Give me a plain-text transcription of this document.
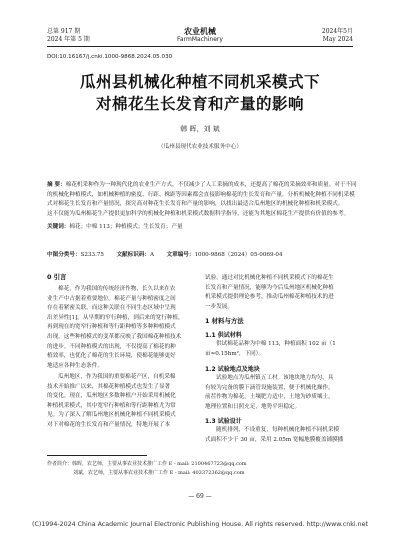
总第 917 期
2024 年第 5 期
农业机械
FarmMachinery
2024年5月
May 2024
DOI:10.16167/j.cnki.1000-9868.2024.05.030
瓜州县机械化种植不同机采模式下
对棉花生长发育和产量的影响
韩 晖，刘 斌
（瓜州县现代农业技术服务中心）
摘 要：棉花机采种作为一种现代化的农业生产方式，不仅减少了人工采摘的成本，还提高了棉花的采摘效率和质量。对于不同
的机械化种植模式，如机械种植的密度、行距、株距等因素都会直接影响棉花的生长发育和产量。分析机械化种植不同机采模
式对棉花生长发育和产量情况，探究高对种花生长发育和产量的影响，以找出最适合瓜州地区的机械化种植和机采模式。
这不仅能为瓜州棉花生产提供更加科学的机械化种植和机采模式数据科学指导，还能为其地区棉花生产提供有价值的参考。
关键词：棉花；中棉 113；种植模式；生长发育；产量
中图分类号：S233.75 文献标识码：A 文章编号：1000-9868（2024）05-0069-04
0 引言
棉花，作为我国的传统经济作物，长久以来在农
业生产中占据着重要地位。棉花产量与种植密度之间
存在着紧密关联，而这种关联在不同生态区域中呈现
出差异性[1]。从早期的窄行种植，到后来的宽行种植，
再到现在的宽窄行种植和等行距种植等多种种植模式
出现。这些种植模式的变革都反映了我国棉花种植技术
的进步。不同种植模式的出现，不仅提高了棉花的种
植效率，也优化了棉花的生长环境，使棉花能够更好
地适应各种生态条件。
瓜州地区，作为我国的重要棉花产区，自机采棉
技术开始推广以来，其棉花种植模式也发生了显著
的变化。现在，瓜州地区多数种植户开始采用机械化
种植机采模式，其中宽窄行种植和等行距种植尤为常
见。为了深入了解瓜州地区机械化种植不同机采模式
对下对棉花的生长发育和产量情况，特地开展了本
试验。通过对比机械化种植不同机采模式下的棉花生
长发育和产量情况，能够为今后瓜州地区机械化种植
机采模式提供理论参考，推动瓜州棉花种植技术的进
一步发展。
1 材料与方法
1.1 供试材料
供试棉花品种为中棉 113，种植面积 102 亩（1
亩≈0.15hm²，下同）。
1.2 试验地点及地块
试验地点为瓜州镇五工村。该地块地力均匀，具
有较为完备的膜下滴管设施装置，便于机械化操作，
前茬作物为棉花，土壤肥力适中，土地为砂质壤土，
地理位置和日照充足，地势平坦稳定。
1.3 试验设计
随机排列，不设重复，每种机械化种植不同机采模
式面积不少于 30 亩，采用 2.05m 宽幅地膜覆盖铺膜播
作者简介：韩晖，农艺师，主要从事农业技术推广工作 E - mail: 2100467723@qq.com
刘斌，农艺师，主要从事农业技术推广工作 E - mail: 403372362@qq.com
— 69 —
(C)1994-2024 China Academic Journal Electronic Publishing House. All rights reserved. http://www.cnki.net
